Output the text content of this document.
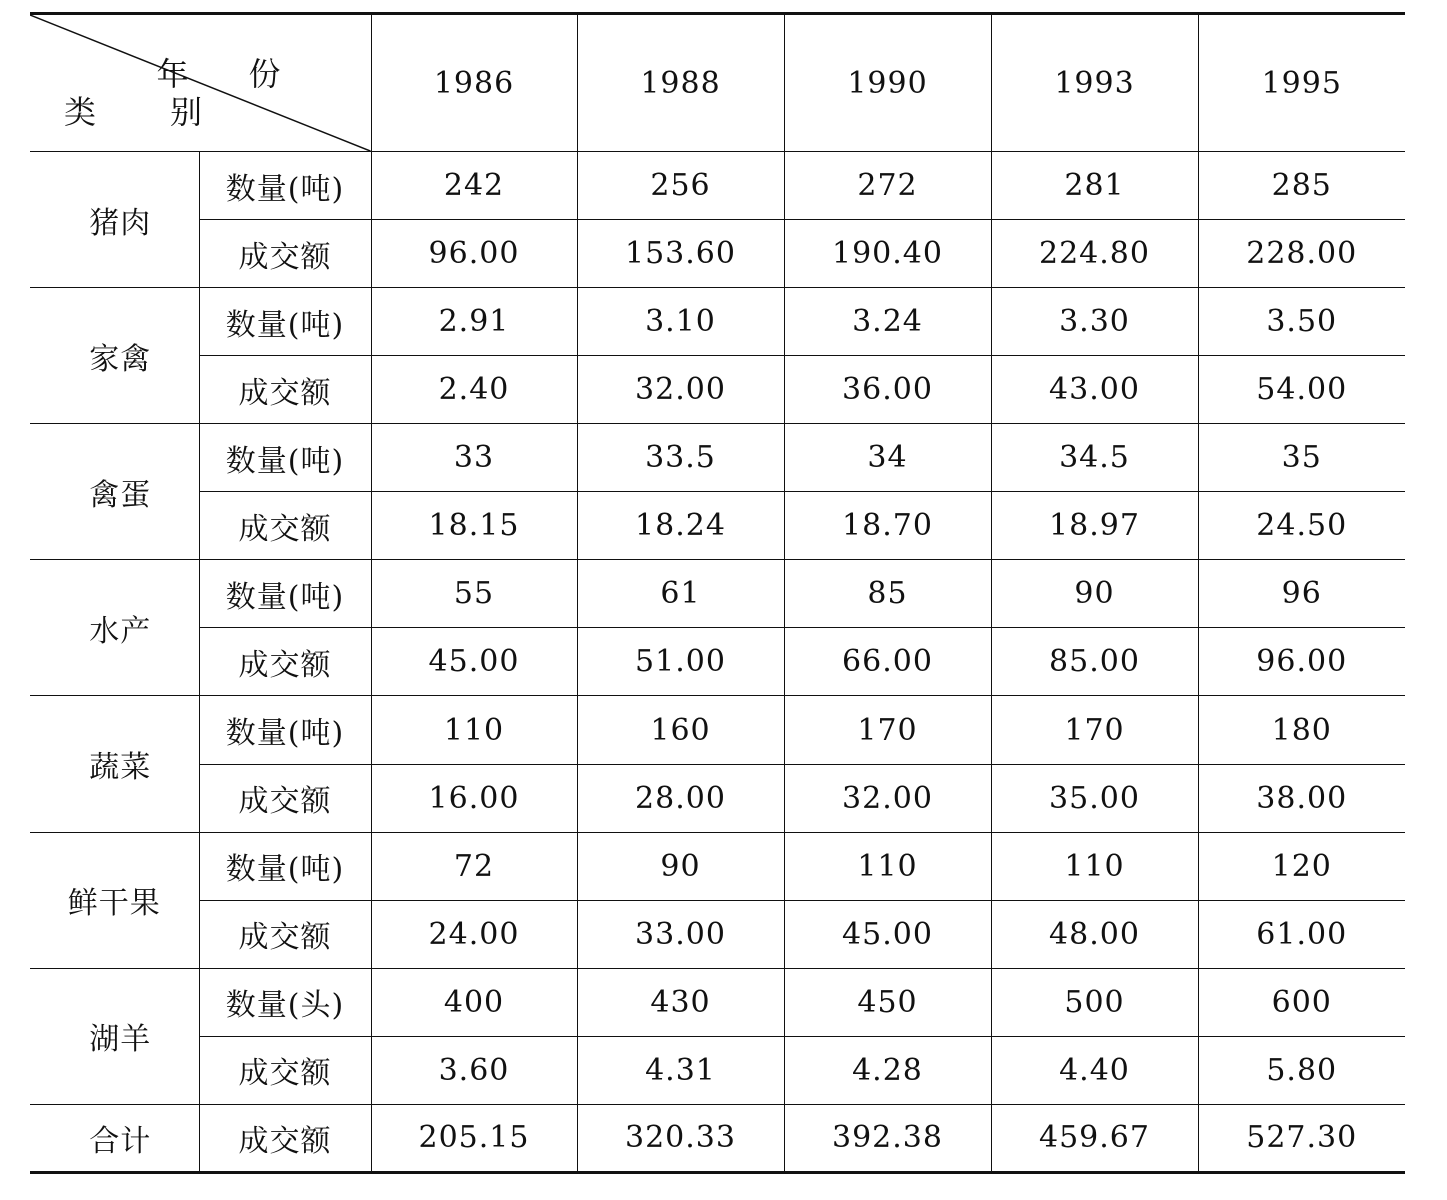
年份
类别		1986	1988	1990	1993	1995
猪肉	数量(吨)	242	256	272	281	285
	成交额	96.00	153.60	190.40	224.80	228.00
家禽	数量(吨)	2.91	3.10	3.24	3.30	3.50
	成交额	2.40	32.00	36.00	43.00	54.00
禽蛋	数量(吨)	33	33.5	34	34.5	35
	成交额	18.15	18.24	18.70	18.97	24.50
水产	数量(吨)	55	61	85	90	96
	成交额	45.00	51.00	66.00	85.00	96.00
蔬菜	数量(吨)	110	160	170	170	180
	成交额	16.00	28.00	32.00	35.00	38.00
鲜干果	数量(吨)	72	90	110	110	120
	成交额	24.00	33.00	45.00	48.00	61.00
湖羊	数量(头)	400	430	450	500	600
	成交额	3.60	4.31	4.28	4.40	5.80
合计	成交额	205.15	320.33	392.38	459.67	527.30
